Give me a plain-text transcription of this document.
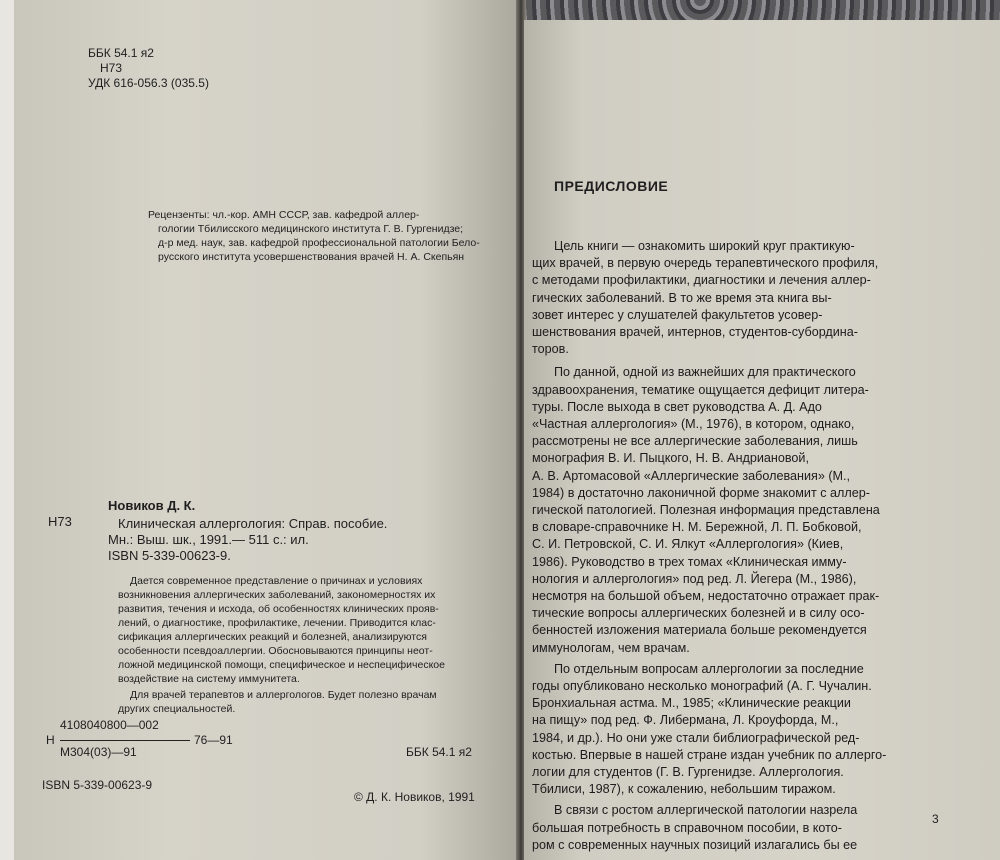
ББК 54.1 я2
Н73
УДК 616-056.3 (035.5)
Рецензенты: чл.-кор. АМН СССР, зав. кафедрой аллер-
гологии Тбилисского медицинского института Г. В. Гургенидзе;
д-р мед. наук, зав. кафедрой профессиональной патологии Бело-
русского института усовершенствования врачей Н. А. Скепьян
Новиков Д. К.
Н73	Клиническая аллергология: Справ. пособие.
Мн.: Выш. шк., 1991.— 511 с.: ил.
ISBN 5-339-00623-9.
Дается современное представление о причинах и условиях
возникновения аллергических заболеваний, закономерностях их
развития, течения и исхода, об особенностях клинических прояв-
лений, о диагностике, профилактике, лечении. Приводится клас-
сификация аллергических реакций и болезней, анализируются
особенности псевдоаллергии. Обосновываются принципы неот-
ложной медицинской помощи, специфическое и неспецифическое
воздействие на систему иммунитета.
Для врачей терапевтов и аллергологов. Будет полезно врачам
других специальностей.
4108040800—002
Н	76—91
М304(03)—91	ББК 54.1 я2
ISBN 5-339-00623-9
© Д. К. Новиков, 1991
ПРЕДИСЛОВИЕ
Цель книги — ознакомить широкий круг практикую-
щих врачей, в первую очередь терапевтического профиля,
с методами профилактики, диагностики и лечения аллер-
гических заболеваний. В то же время эта книга вы-
зовет интерес у слушателей факультетов усовер-
шенствования врачей, интернов, студентов-субордина-
торов.
По данной, одной из важнейших для практического
здравоохранения, тематике ощущается дефицит литера-
туры. После выхода в свет руководства А. Д. Адо
«Частная аллергология» (М., 1976), в котором, однако,
рассмотрены не все аллергические заболевания, лишь
монография В. И. Пыцкого, Н. В. Андриановой,
А. В. Артомасовой «Аллергические заболевания» (М.,
1984) в достаточно лаконичной форме знакомит с аллер-
гической патологией. Полезная информация представлена
в словаре-справочнике Н. М. Бережной, Л. П. Бобковой,
С. И. Петровской, С. И. Ялкут «Аллергология» (Киев,
1986). Руководство в трех томах «Клиническая имму-
нология и аллергология» под ред. Л. Йегера (М., 1986),
несмотря на большой объем, недостаточно отражает прак-
тические вопросы аллергических болезней и в силу осо-
бенностей изложения материала больше рекомендуется
иммунологам, чем врачам.
По отдельным вопросам аллергологии за последние
годы опубликовано несколько монографий (А. Г. Чучалин.
Бронхиальная астма. М., 1985; «Клинические реакции
на пищу» под ред. Ф. Либермана, Л. Кроуфорда, М.,
1984, и др.). Но они уже стали библиографической ред-
костью. Впервые в нашей стране издан учебник по аллерго-
логии для студентов (Г. В. Гургенидзе. Аллергология.
Тбилиси, 1987), к сожалению, небольшим тиражом.
В связи с ростом аллергической патологии назрела
большая потребность в справочном пособии, в кото-
ром с современных научных позиций излагались бы ее
3
